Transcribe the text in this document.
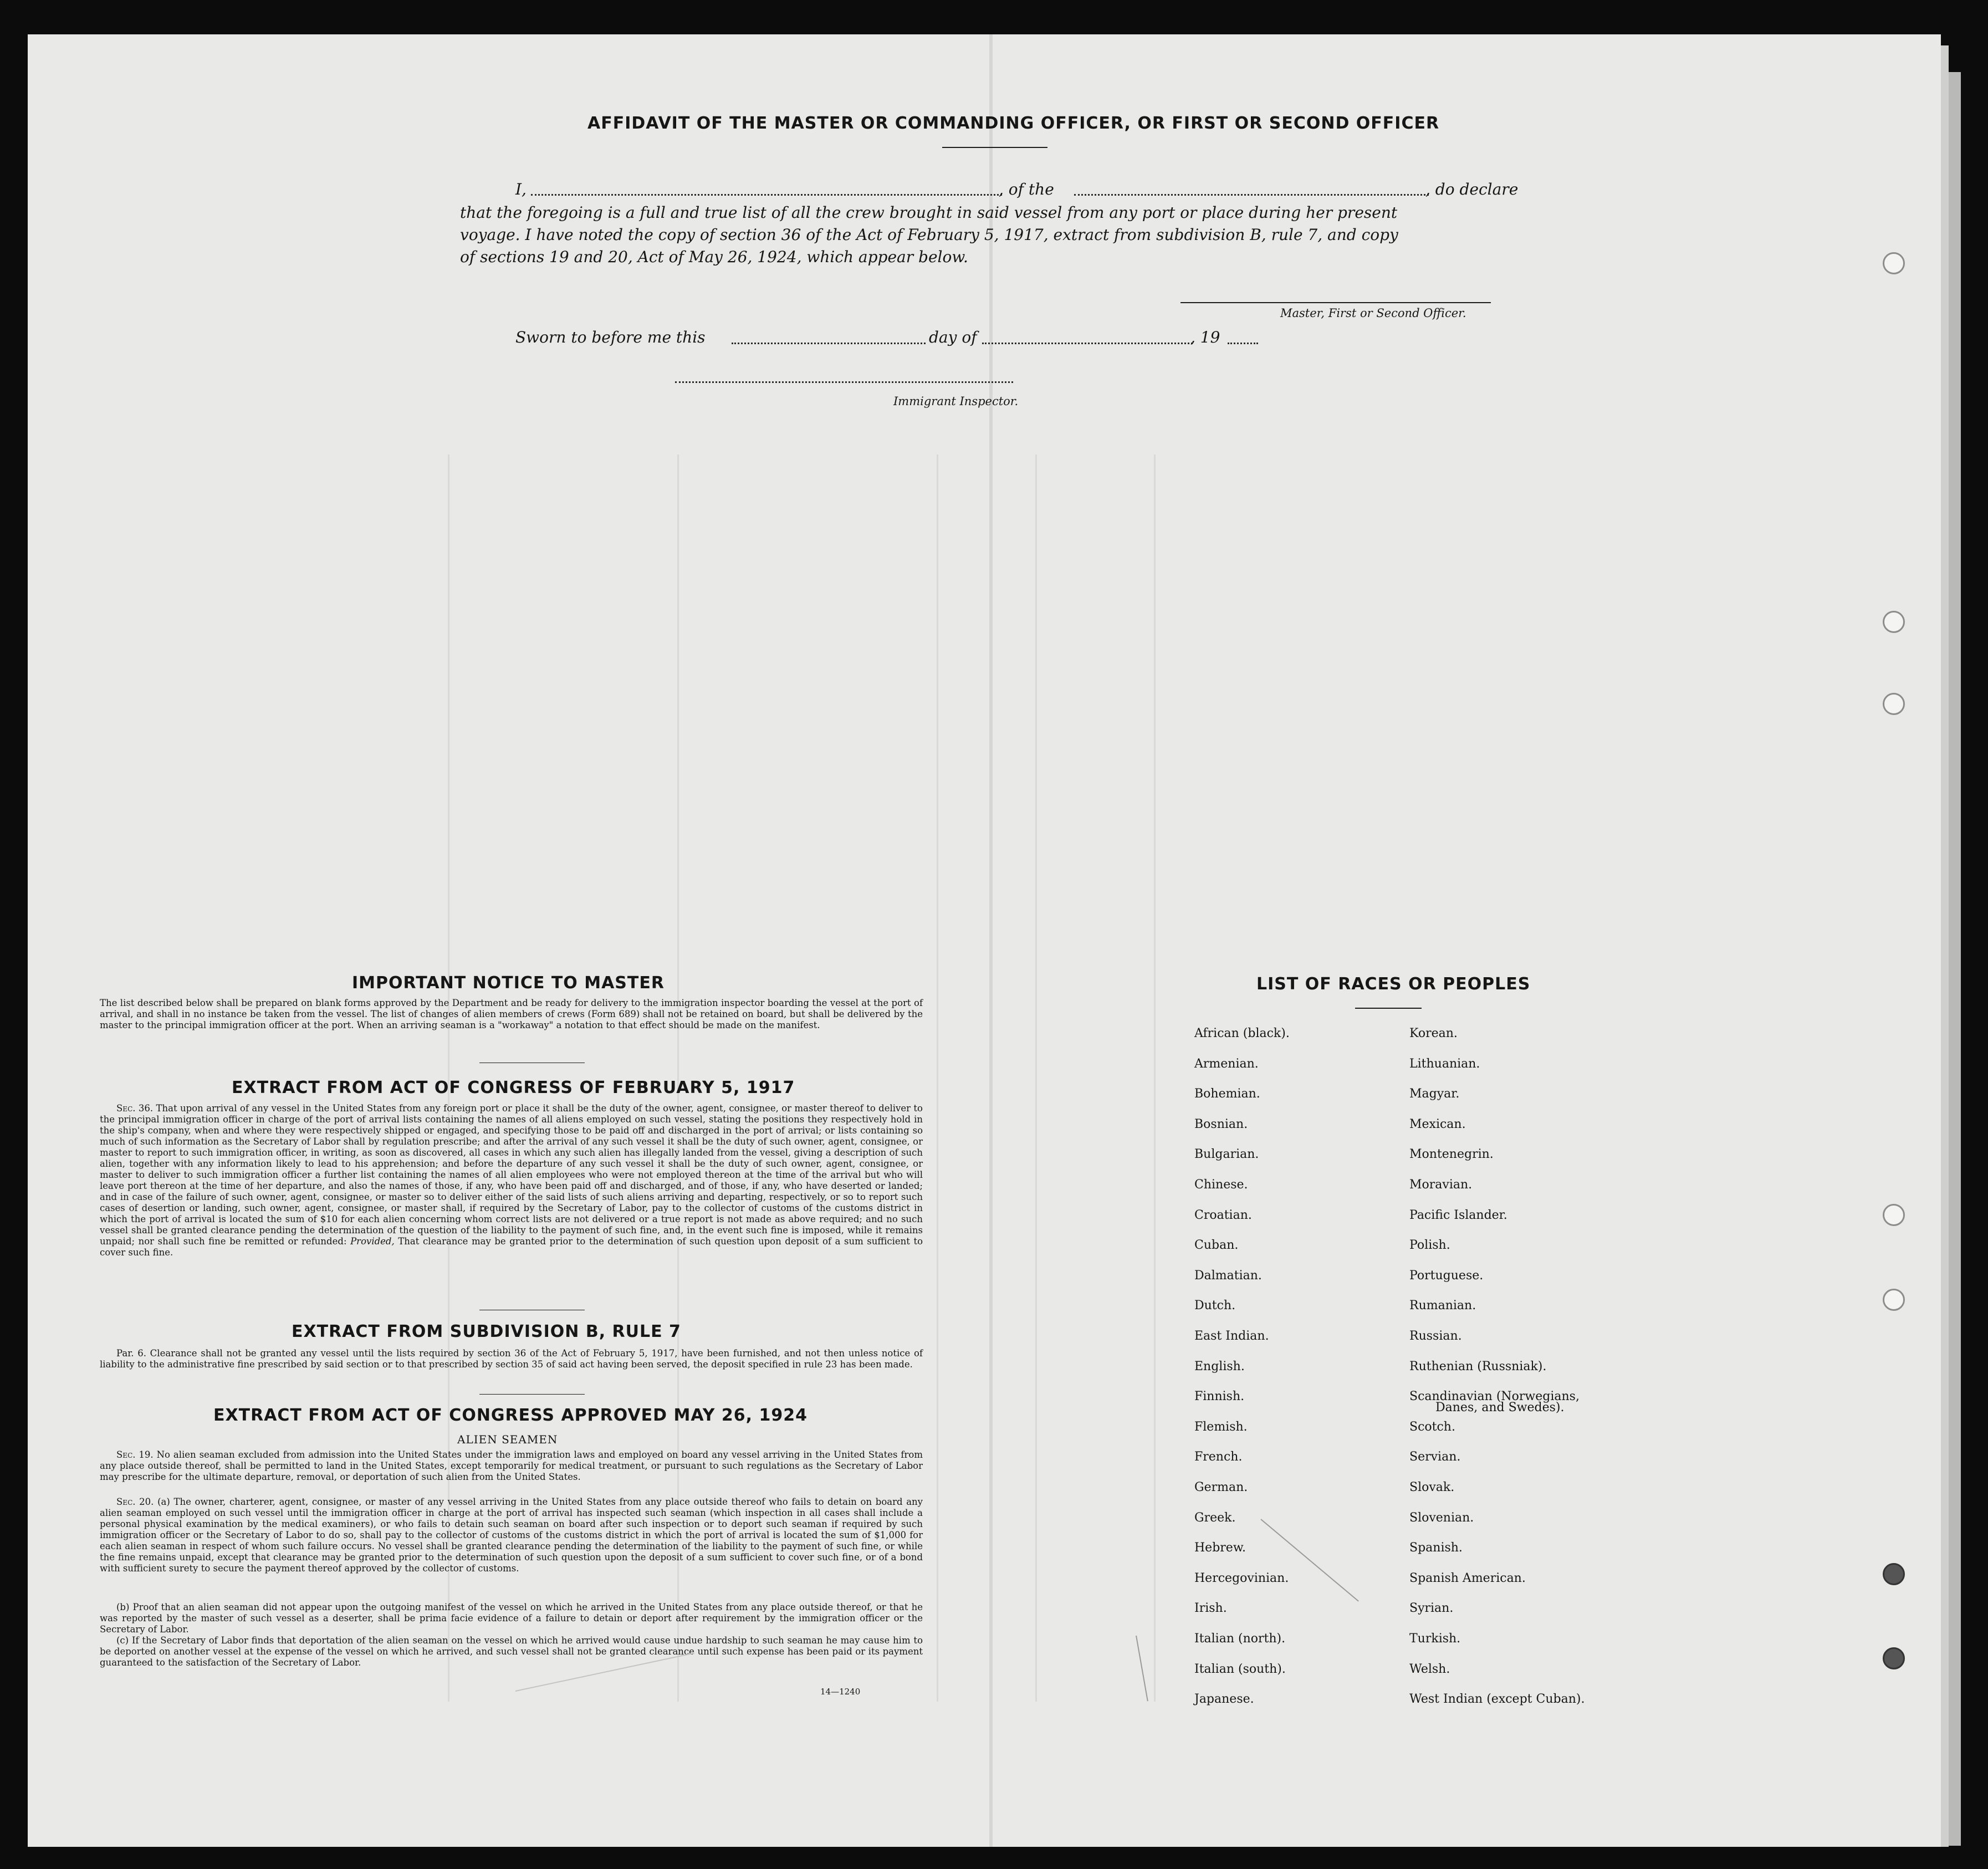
AFFIDAVIT OF THE MASTER OR COMMANDING OFFICER, OR FIRST OR SECOND OFFICER

I,	, of the	, do declare

that the foregoing is a full and true list of all the crew brought in said vessel from any port or place during her present

voyage. I have noted the copy of section 36 of the Act of February 5, 1917, extract from subdivision B, rule 7, and copy

of sections 19 and 20, Act of May 26, 1924, which appear below.

Master, First or Second Officer.

Sworn to before me this	day of	, 19

Immigrant Inspector.

IMPORTANT NOTICE TO MASTER

The list described below shall be prepared on blank forms approved by the Department and be ready for delivery to the immigration inspector boarding the vessel at the port of arrival, and shall in no instance be taken from the vessel. The list of changes of alien members of crews (Form 689) shall not be retained on board, but shall be delivered by the master to the principal immigration officer at the port. When an arriving seaman is a "workaway" a notation to that effect should be made on the manifest.

EXTRACT FROM ACT OF CONGRESS OF FEBRUARY 5, 1917

Sec. 36. That upon arrival of any vessel in the United States from any foreign port or place it shall be the duty of the owner, agent, consignee, or master thereof to deliver to the principal immigration officer in charge of the port of arrival lists containing the names of all aliens employed on such vessel, stating the positions they respectively hold in the ship's company, when and where they were respectively shipped or engaged, and specifying those to be paid off and discharged in the port of arrival; or lists containing so much of such information as the Secretary of Labor shall by regulation prescribe; and after the arrival of any such vessel it shall be the duty of such owner, agent, consignee, or master to report to such immigration officer, in writing, as soon as discovered, all cases in which any such alien has illegally landed from the vessel, giving a description of such alien, together with any information likely to lead to his apprehension; and before the departure of any such vessel it shall be the duty of such owner, agent, consignee, or master to deliver to such immigration officer a further list containing the names of all alien employees who were not employed thereon at the time of the arrival but who will leave port thereon at the time of her departure, and also the names of those, if any, who have been paid off and discharged, and of those, if any, who have deserted or landed; and in case of the failure of such owner, agent, consignee, or master so to deliver either of the said lists of such aliens arriving and departing, respectively, or so to report such cases of desertion or landing, such owner, agent, consignee, or master shall, if required by the Secretary of Labor, pay to the collector of customs of the customs district in which the port of arrival is located the sum of $10 for each alien concerning whom correct lists are not delivered or a true report is not made as above required; and no such vessel shall be granted clearance pending the determination of the question of the liability to the payment of such fine, and, in the event such fine is imposed, while it remains unpaid; nor shall such fine be remitted or refunded: Provided, That clearance may be granted prior to the determination of such question upon deposit of a sum sufficient to cover such fine.

EXTRACT FROM SUBDIVISION B, RULE 7

Par. 6. Clearance shall not be granted any vessel until the lists required by section 36 of the Act of February 5, 1917, have been furnished, and not then unless notice of liability to the administrative fine prescribed by said section or to that prescribed by section 35 of said act having been served, the deposit specified in rule 23 has been made.

EXTRACT FROM ACT OF CONGRESS APPROVED MAY 26, 1924

ALIEN SEAMEN

Sec. 19. No alien seaman excluded from admission into the United States under the immigration laws and employed on board any vessel arriving in the United States from any place outside thereof, shall be permitted to land in the United States, except temporarily for medical treatment, or pursuant to such regulations as the Secretary of Labor may prescribe for the ultimate departure, removal, or deportation of such alien from the United States.

Sec. 20. (a) The owner, charterer, agent, consignee, or master of any vessel arriving in the United States from any place outside thereof who fails to detain on board any alien seaman employed on such vessel until the immigration officer in charge at the port of arrival has inspected such seaman (which inspection in all cases shall include a personal physical examination by the medical examiners), or who fails to detain such seaman on board after such inspection or to deport such seaman if required by such immigration officer or the Secretary of Labor to do so, shall pay to the collector of customs of the customs district in which the port of arrival is located the sum of $1,000 for each alien seaman in respect of whom such failure occurs. No vessel shall be granted clearance pending the determination of the liability to the payment of such fine, or while the fine remains unpaid, except that clearance may be granted prior to the determination of such question upon the deposit of a sum sufficient to cover such fine, or of a bond with sufficient surety to secure the payment thereof approved by the collector of customs.

(b) Proof that an alien seaman did not appear upon the outgoing manifest of the vessel on which he arrived in the United States from any place outside thereof, or that he was reported by the master of such vessel as a deserter, shall be prima facie evidence of a failure to detain or deport after requirement by the immigration officer or the Secretary of Labor.

(c) If the Secretary of Labor finds that deportation of the alien seaman on the vessel on which he arrived would cause undue hardship to such seaman he may cause him to be deported on another vessel at the expense of the vessel on which he arrived, and such vessel shall not be granted clearance until such expense has been paid or its payment guaranteed to the satisfaction of the Secretary of Labor.

14—1240

LIST OF RACES OR PEOPLES

African (black).

Armenian.

Bohemian.

Bosnian.

Bulgarian.

Chinese.

Croatian.

Cuban.

Dalmatian.

Dutch.

East Indian.

English.

Finnish.

Flemish.

French.

German.

Greek.

Hebrew.

Hercegovinian.

Irish.

Italian (north).

Italian (south).

Japanese.

Korean.

Lithuanian.

Magyar.

Mexican.

Montenegrin.

Moravian.

Pacific Islander.

Polish.

Portuguese.

Rumanian.

Russian.

Ruthenian (Russniak).

Scandinavian (Norwegians,

Scotch.

Servian.

Slovak.

Slovenian.

Spanish.

Spanish American.

Syrian.

Turkish.

Welsh.

West Indian (except Cuban).

Danes, and Swedes).
